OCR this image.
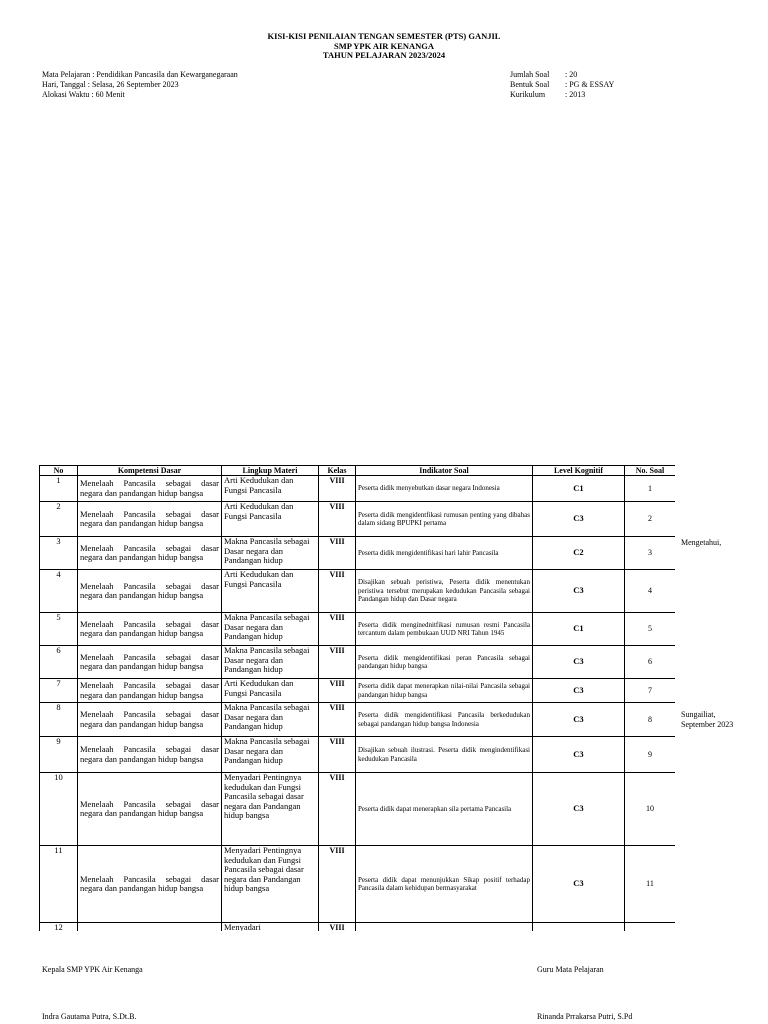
KISI-KISI PENILAIAN TENGAN SEMESTER (PTS) GANJIL
SMP YPK AIR KENANGA
TAHUN PELAJARAN 2023/2024
Mata Pelajaran : Pendidikan Pancasila dan Kewarganegaraan
Hari, Tanggal : Selasa, 26 September 2023
Alokasi Waktu : 60 Menit
Jumlah Soal : 20
Bentuk Soal : PG & ESSAY
Kurikulum : 2013
No	Kompetensi Dasar	Lingkup Materi	Kelas	Indikator Soal	Level Kognitif	No. Soal
1	Menelaah Pancasila sebagai dasar negara dan pandangan hidup bangsa	Arti Kedudukan dan Fungsi Pancasila	VIII	Peserta didik menyebutkan dasar negara Indonesia	C1	1
2	Menelaah Pancasila sebagai dasar negara dan pandangan hidup bangsa	Arti Kedudukan dan Fungsi Pancasila	VIII	Peserta didik mengidentfikasi rumusan penting yang dibahas dalam sidang BPUPKI pertama	C3	2
3	Menelaah Pancasila sebagai dasar negara dan pandangan hidup bangsa	Makna Pancasila sebagai Dasar negara dan Pandangan hidup	VIII	Peserta didik mengidentifikasi hari lahir Pancasila	C2	3
4	Menelaah Pancasila sebagai dasar negara dan pandangan hidup bangsa	Arti Kedudukan dan Fungsi Pancasila	VIII	Disajikan sebuah peristiwa, Peserta didik menentukan peristiwa tersebut merupakan kedudukan Pancasila sebagai Pandangan hidup dan Dasar negara	C3	4
5	Menelaah Pancasila sebagai dasar negara dan pandangan hidup bangsa	Makna Pancasila sebagai Dasar negara dan Pandangan hidup	VIII	Peserta didik menginednitfikasi rumusan resmi Pancasila tercantum dalam pembukaan UUD NRI Tahun 1945	C1	5
6	Menelaah Pancasila sebagai dasar negara dan pandangan hidup bangsa	Makna Pancasila sebagai Dasar negara dan Pandangan hidup	VIII	Peserta didik mengidentifikasi peran Pancasila sebagai pandangan hidup bangsa	C3	6
7	Menelaah Pancasila sebagai dasar negara dan pandangan hidup bangsa	Arti Kedudukan dan Fungsi Pancasila	VIII	Peserta didik dapat menerapkan nilai-nilai Pancasila sebagai pandangan hidup bangsa	C3	7
8	Menelaah Pancasila sebagai dasar negara dan pandangan hidup bangsa	Makna Pancasila sebagai Dasar negara dan Pandangan hidup	VIII	Peserta didik mengidentifikasi Pancasila berkedudukan sebagai pandangan hidup bangsa Indonesia	C3	8
9	Menelaah Pancasila sebagai dasar negara dan pandangan hidup bangsa	Makna Pancasila sebagai Dasar negara dan Pandangan hidup	VIII	Disajikan sebuah ilustrasi. Peserta didik mengindentifikasi kedudukan Pancasila	C3	9
10	Menelaah Pancasila sebagai dasar negara dan pandangan hidup bangsa	Menyadari Pentingnya kedudukan dan Fungsi Pancasila sebagai dasar negara dan Pandangan hidup bangsa	VIII	Peserta didik dapat menerapkan sila pertama Pancasila	C3	10
11	Menelaah Pancasila sebagai dasar negara dan pandangan hidup bangsa	Menyadari Pentingnya kedudukan dan Fungsi Pancasila sebagai dasar negara dan Pandangan hidup bangsa	VIII	Peserta didik dapat menunjukkan Sikap positif terhadap Pancasila dalam kehidupan bermasyarakat	C3	11
12		Menyadari	VIII			
Mengetahui,
Sungailiat, September 2023
Kepala SMP YPK Air Kenanga	Guru Mata Pelajaran
Indra Gautama Putra, S.Dt.B.	Rinanda Prrakarsa Putri, S.Pd
